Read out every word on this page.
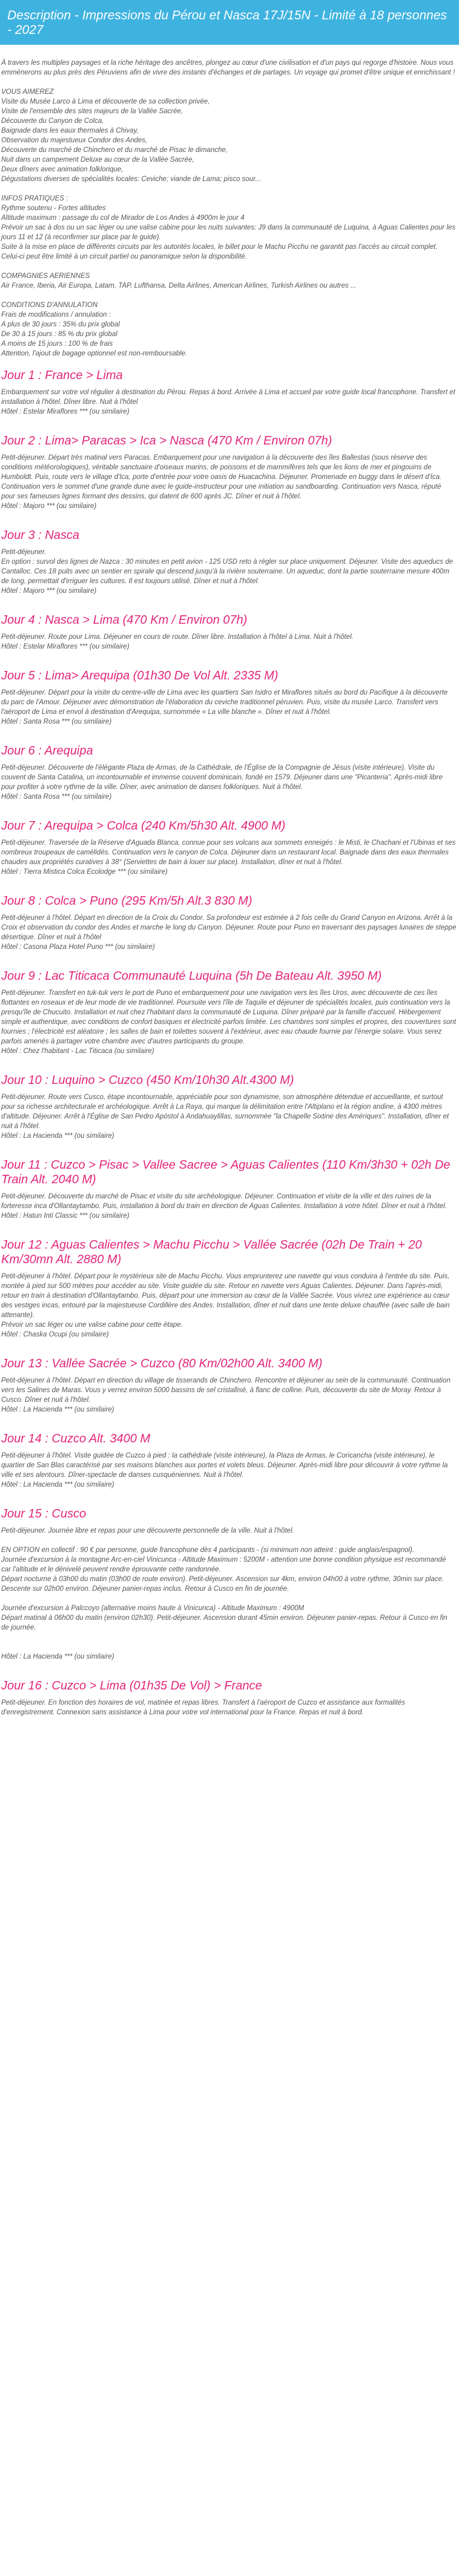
Description - Impressions du Pérou et Nasca 17J/15N - Limité à 18 personnes - 2027
À travers les multiples paysages et la riche héritage des ancêtres, plongez au cœur d'une civilisation et d'un pays qui regorge d'histoire. Nous vous emmènerons au plus près des Péruviens afin de vivre des instants d'échanges et de partages. Un voyage qui promet d'être unique et enrichissant !
VOUS AIMEREZ
Visite du Musée Larco à Lima et découverte de sa collection privée,
Visite de l'ensemble des sites majeurs de la Vallée Sacrée,
Découverte du Canyon de Colca,
Baignade dans les eaux thermales à Chivay,
Observation du majestueux Condor des Andes,
Découverte du marché de Chinchero et du marché de Pisac le dimanche,
Nuit dans un campement Deluxe au cœur de la Vallée Sacrée,
Deux dîners avec animation folklorique,
Dégustations diverses de spécialités locales: Ceviche; viande de Lama; pisco sour...
INFOS PRATIQUES :
Rythme soutenu - Fortes altitudes
Altitude maximum : passage du col de Mirador de Los Andes à 4900m le jour 4
Prévoir un sac à dos ou un sac léger ou une valise cabine pour les nuits suivantes: J9 dans la communauté de Luquina, à Aguas Calientes pour les jours 11 et 12 (à reconfirmer sur place par le guide).
Suite à la mise en place de différents circuits par les autorités locales, le billet pour le Machu Picchu ne garantit pas l'accès au circuit complet. Celui-ci peut être limité à un circuit partiel ou panoramique selon la disponibilité.
COMPAGNIES AERIENNES
Air France, Iberia, Air Europa, Latam, TAP, Lufthansa, Delta Airlines, American Airlines, Turkish Airlines ou autres ...
CONDITIONS D'ANNULATION
Frais de modifications / annulation :
A plus de 30 jours : 35% du prix global
De 30 à 15 jours : 85 % du prix global
A moins de 15 jours : 100 % de frais
Attention, l'ajout de bagage optionnel est non-remboursable.
Jour 1 : France > Lima
Embarquement sur votre vol régulier à destination du Pérou. Repas à bord. Arrivée à Lima et accueil par votre guide local francophone. Transfert et installation à l'hôtel. Dîner libre. Nuit à l'hôtel
Hôtel : Estelar Miraflores *** (ou similaire)
Jour 2 : Lima> Paracas > Ica > Nasca (470 Km / Environ 07h)
Petit-déjeuner. Départ très matinal vers Paracas. Embarquement pour une navigation à la découverte des îles Ballestas (sous réserve des conditions météorologiques), véritable sanctuaire d'oiseaux marins, de poissons et de mammifères tels que les lions de mer et pingouins de Humboldt. Puis, route vers le village d'Ica, porte d'entrée pour votre oasis de Huacachina. Déjeuner. Promenade en buggy dans le désert d'Ica. Continuation vers le sommet d'une grande dune avec le guide-instructeur pour une initiation au sandboarding. Continuation vers Nasca, réputé pour ses fameuses lignes formant des dessins, qui datent de 600 après JC. Dîner et nuit à l'hôtel.
Hôtel : Majoro *** (ou similaire)
Jour 3 : Nasca
Petit-déjeuner.
En option : survol des lignes de Nazca : 30 minutes en petit avion - 125 USD reto à régler sur place uniquement. Déjeuner. Visite des aqueducs de Cantalloc. Ces 18 puits avec un sentier en spirale qui descend jusqu'à la rivière souterraine. Un aqueduc, dont la partie souterraine mesure 400m de long, permettait d'irriguer les cultures. Il est toujours utilisé. Dîner et nuit à l'hôtel.
Hôtel : Majoro *** (ou similaire)
Jour 4 : Nasca > Lima (470 Km / Environ 07h)
Petit-déjeuner. Route pour Lima. Déjeuner en cours de route. Dîner libre. Installation à l'hôtel à Lima. Nuit à l'hôtel.
Hôtel : Estelar Miraflores *** (ou similaire)
Jour 5 : Lima> Arequipa (01h30 De Vol Alt. 2335 M)
Petit-déjeuner. Départ pour la visite du centre-ville de Lima avec les quartiers San Isidro et Miraflores situés au bord du Pacifique à la découverte du parc de l'Amour. Déjeuner avec démonstration de l'élaboration du ceviche traditionnel péruvien. Puis, visite du musée Larco. Transfert vers l'aéroport de Lima et envol à destination d'Arequipa, surnommée « La ville blanche ». Dîner et nuit à l'hôtel.
Hôtel : Santa Rosa *** (ou similaire)
Jour 6 : Arequipa
Petit-déjeuner. Découverte de l'élégante Plaza de Armas, de la Cathédrale, de l'Église de la Compagnie de Jésus (visite intérieure). Visite du couvent de Santa Catalina, un incontournable et immense couvent dominicain, fondé en 1579. Déjeuner dans une "Picanteria". Après-midi libre pour profiter à votre rythme de la ville. Dîner, avec animation de danses folkloriques. Nuit à l'hôtel.
Hôtel : Santa Rosa *** (ou similaire)
Jour 7 : Arequipa > Colca (240 Km/5h30 Alt. 4900 M)
Petit-déjeuner. Traversée de la Réserve d'Aguada Blanca, connue pour ses volcans aux sommets enneigés : le Misti, le Chachani et l'Ubinas et ses nombreux troupeaux de camélidés. Continuation vers le canyon de Colca. Déjeuner dans un restaurant local. Baignade dans des eaux thermales chaudes aux propriétés curatives à 38° (Serviettes de bain à louer sur place). Installation, dîner et nuit à l'hôtel.
Hôtel : Tierra Mistica Colca Ecolodge *** (ou similaire)
Jour 8 : Colca > Puno (295 Km/5h Alt.3 830 M)
Petit-déjeuner à l'hôtel. Départ en direction de la Croix du Condor. Sa profondeur est estimée à 2 fois celle du Grand Canyon en Arizona. Arrêt à la Croix et observation du condor des Andes et marche le long du Canyon. Déjeuner. Route pour Puno en traversant des paysages lunaires de steppe désertique. Dîner et nuit à l'hôtel
Hôtel : Casona Plaza Hotel Puno *** (ou similaire)
Jour 9 : Lac Titicaca Communauté Luquina (5h De Bateau Alt. 3950 M)
Petit-déjeuner. Transfert en tuk-tuk vers le port de Puno et embarquement pour une navigation vers les îles Uros, avec découverte de ces îles flottantes en roseaux et de leur mode de vie traditionnel. Poursuite vers l'île de Taquile et déjeuner de spécialités locales, puis continuation vers la presqu'île de Chucuito. Installation et nuit chez l'habitant dans la communauté de Luquina. Dîner préparé par la famille d'accueil. Hébergement simple et authentique, avec conditions de confort basiques et électricité parfois limitée. Les chambres sont simples et propres, des couvertures sont fournies ; l'électricité est aléatoire ; les salles de bain et toilettes souvent à l'extérieur, avec eau chaude fournie par l'énergie solaire. Vous serez parfois amenés à partager votre chambre avec d'autres participants du groupe.
Hôtel : Chez l'habitant - Lac Titicaca (ou similaire)
Jour 10 : Luquino > Cuzco (450 Km/10h30 Alt.4300 M)
Petit-déjeuner. Route vers Cusco, étape incontournable, appréciable pour son dynamisme, son atmosphère détendue et accueillante, et surtout pour sa richesse architecturale et archéologique. Arrêt à La Raya, qui marque la délimitation entre l'Altiplano et la région andine, à 4300 mètres d'altitude. Déjeuner. Arrêt à l'Église de San Pedro Apóstol à Andahuaylillas, surnommée "la Chapelle Sixtine des Amériques". Installation, dîner et nuit à l'hôtel.
Hôtel : La Hacienda *** (ou similaire)
Jour 11 : Cuzco > Pisac > Vallee Sacree > Aguas Calientes (110 Km/3h30 + 02h De Train Alt. 2040 M)
Petit-déjeuner. Découverte du marché de Pisac et visite du site archéologique. Déjeuner. Continuation et visite de la ville et des ruines de la forteresse inca d'Ollantaytambo. Puis, installation à bord du train en direction de Aguas Calientes. Installation à votre hôtel. Dîner et nuit à l'hôtel.
Hôtel : Hatun Inti Classic *** (ou similaire)
Jour 12 : Aguas Calientes > Machu Picchu > Vallée Sacrée (02h De Train + 20 Km/30mn Alt. 2880 M)
Petit-déjeuner à l'hôtel. Départ pour le mystérieux site de Machu Picchu. Vous emprunterez une navette qui vous conduira à l'entrée du site. Puis, montée à pied sur 500 mètres pour accéder au site. Visite guidée du site. Retour en navette vers Aguas Calientes. Déjeuner. Dans l'après-midi, retour en train à destination d'Ollantaytambo. Puis, départ pour une immersion au cœur de la Vallée Sacrée. Vous vivrez une expérience au cœur des vestiges incas, entouré par la majestueuse Cordillère des Andes. Installation, dîner et nuit dans une tente deluxe chauffée (avec salle de bain attenante).
Prévoir un sac léger ou une valise cabine pour cette étape.
Hôtel : Chaska Ocupi (ou similaire)
Jour 13 : Vallée Sacrée > Cuzco (80 Km/02h00 Alt. 3400 M)
Petit-déjeuner à l'hôtel. Départ en direction du village de tisserands de Chinchero. Rencontre et déjeuner au sein de la communauté. Continuation vers les Salines de Maras. Vous y verrez environ 5000 bassins de sel cristallisé, à flanc de colline. Puis, découverte du site de Moray. Retour à Cusco. Dîner et nuit à l'hôtel.
Hôtel : La Hacienda *** (ou similaire)
Jour 14 : Cuzco Alt. 3400 M
Petit-déjeuner à l'hôtel. Visite guidée de Cuzco à pied : la cathédrale (visite intérieure), la Plaza de Armas, le Coricancha (visite intérieure), le quartier de San Blas caractérisé par ses maisons blanches aux portes et volets bleus. Déjeuner. Après-midi libre pour découvrir à votre rythme la ville et ses alentours. Dîner-spectacle de danses cusquéniennes. Nuit à l'hôtel.
Hôtel : La Hacienda *** (ou similaire)
Jour 15 : Cusco
Petit-déjeuner. Journée libre et repas pour une découverte personnelle de la ville. Nuit à l'hôtel.

EN OPTION en collectif : 90 € par personne, guide francophone dès 4 participants - (si minimum non atteint : guide anglais/espagnol).
Journée d'excursion à la montagne Arc-en-ciel Vinicunca - Altitude Maximum : 5200M - attention une bonne condition physique est recommandé car l'altitude et le dénivelé peuvent rendre éprouvante cette randonnée.
Départ nocturne à 03h00 du matin (03h00 de route environ). Petit-déjeuner. Ascension sur 4km, environ 04h00 à votre rythme, 30min sur place. Descente sur 02h00 environ. Déjeuner panier-repas inclus. Retour à Cusco en fin de journée.

Journée d'excursion à Palccoyo (alternative moins haute à Vinicunca) - Altitude Maximum : 4900M
Départ matinal à 06h00 du matin (environ 02h30). Petit-déjeuner. Ascension durant 45min environ. Déjeuner panier-repas. Retour à Cusco en fin de journée.

Hôtel : La Hacienda *** (ou similaire)
Jour 16 : Cuzco > Lima (01h35 De Vol) > France
Petit-déjeuner. En fonction des horaires de vol, matinée et repas libres. Transfert à l'aéroport de Cuzco et assistance aux formalités d'enregistrement. Connexion sans assistance à Lima pour votre vol international pour la France. Repas et nuit à bord.
